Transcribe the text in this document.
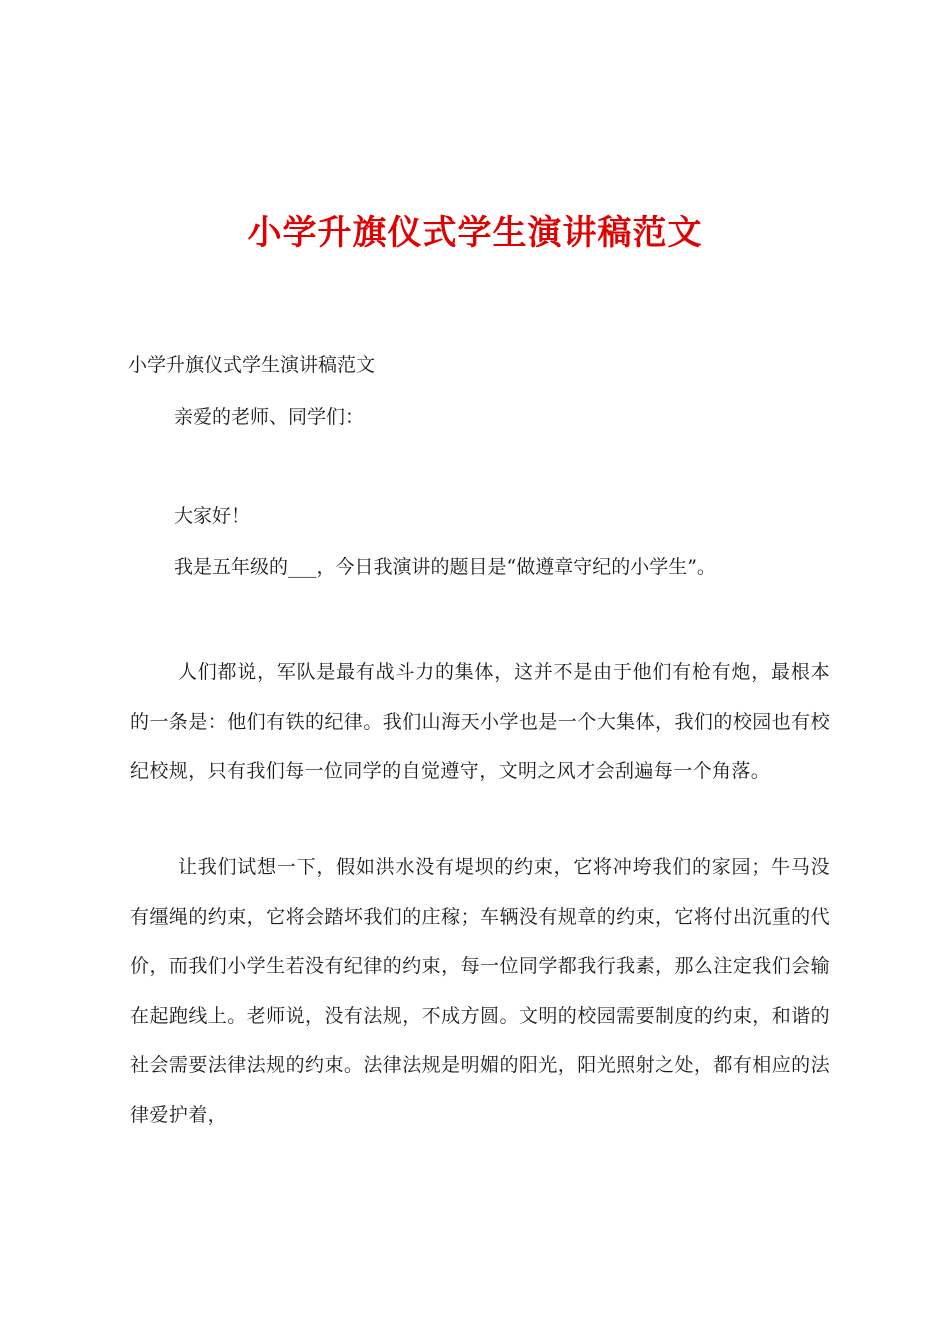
小学升旗仪式学生演讲稿范文
小学升旗仪式学生演讲稿范文
亲爱的老师、同学们：
大家好！
我是五年级的___，今日我演讲的题目是“做遵章守纪的小学生”。
人们都说，军队是最有战斗力的集体，这并不是由于他们有枪有炮，最根本的一条是：他们有铁的纪律。我们山海天小学也是一个大集体，我们的校园也有校纪校规，只有我们每一位同学的自觉遵守，文明之风才会刮遍每一个角落。
让我们试想一下，假如洪水没有堤坝的约束，它将冲垮我们的家园；牛马没有缰绳的约束，它将会踏坏我们的庄稼；车辆没有规章的约束，它将付出沉重的代价，而我们小学生若没有纪律的约束，每一位同学都我行我素，那么注定我们会输在起跑线上。老师说，没有法规，不成方圆。文明的校园需要制度的约束，和谐的社会需要法律法规的约束。法律法规是明媚的阳光，阳光照射之处，都有相应的法律爱护着，
